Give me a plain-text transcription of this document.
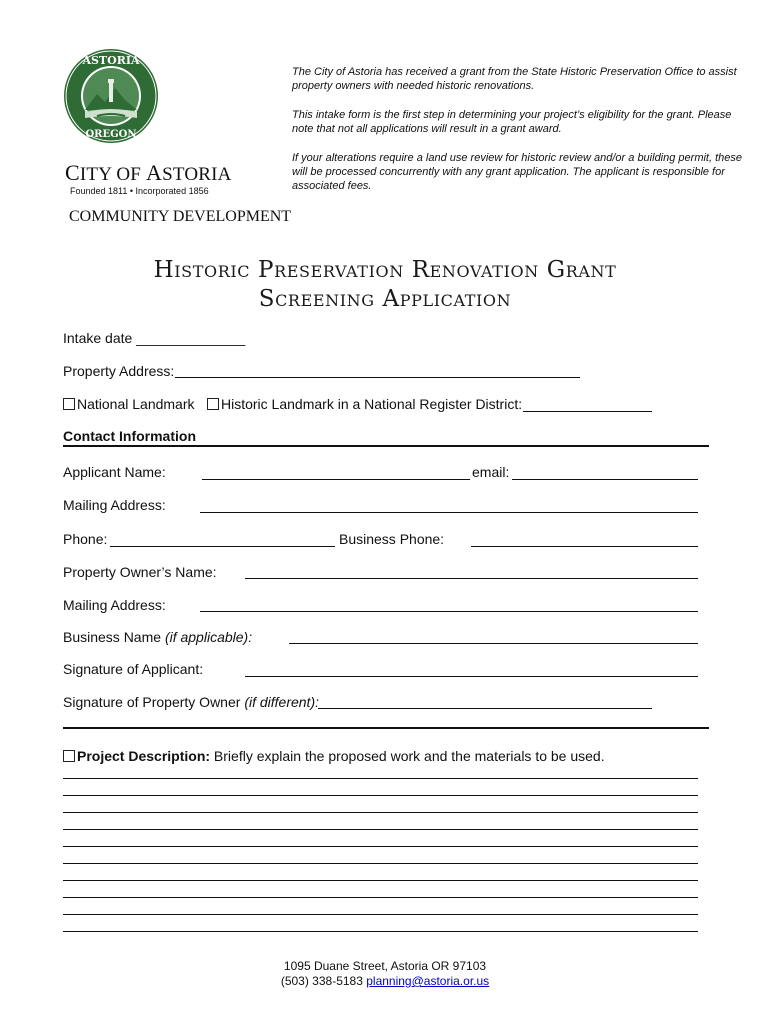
ASTORIA
OREGON
CITY OF ASTORIA
Founded 1811 • Incorporated 1856
COMMUNITY DEVELOPMENT
The City of Astoria has received a grant from the State Historic Preservation Office to assist property owners with needed historic renovations.
This intake form is the first step in determining your project’s eligibility for the grant. Please note that not all applications will result in a grant award.
If your alterations require a land use review for historic review and/or a building permit, these will be processed concurrently with any grant application. The applicant is responsible for associated fees.
Historic Preservation Renovation Grant
Screening Application
Intake date ______________
Property Address:
National Landmark	Historic Landmark in a National Register District:
Contact Information
Applicant Name:	email:
Mailing Address:
Phone:	Business Phone:
Property Owner’s Name:
Mailing Address:
Business Name (if applicable):
Signature of Applicant:
Signature of Property Owner (if different):
Project Description: Briefly explain the proposed work and the materials to be used.
1095 Duane Street, Astoria OR 97103
(503) 338-5183 planning@astoria.or.us
